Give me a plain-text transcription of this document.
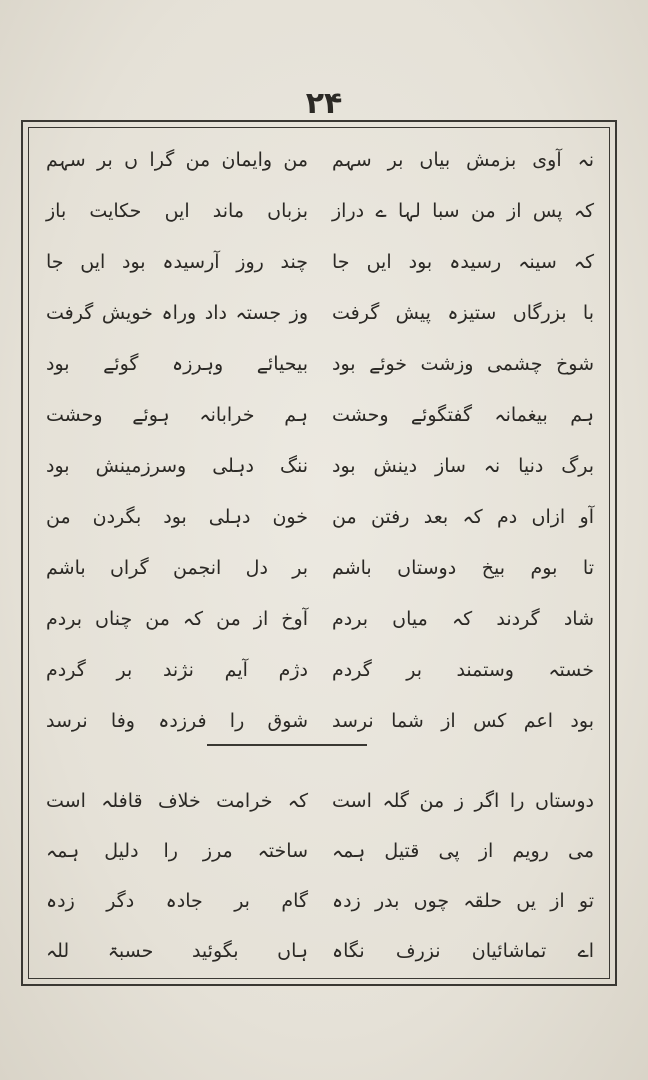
٢۴
نہ آوی بزمش بیاں بر سہم
من وایمان من گرا ں بر سہم
کہ پس از من سبا لہا ے دراز
بزباں ماند ایں حکایت باز
کہ سینہ رسیدہ بود ایں جا
چند روز آرسیدہ بود ایں جا
با بزرگاں ستیزہ پیش گرفت
وز جستہ داد وراہ خویش گرفت
شوخ چشمی وزشت خوئے بود
بیحیائے وہرزہ گوئے بود
ہم بیغمانہ گفتگوئے وحشت
ہم خرابانہ ہوئے وحشت
برگ دنیا نہ ساز دینش بود
ننگ دہلی وسرزمینش بود
آو ازاں دم کہ بعد رفتن من
خون دہلی بود بگردن من
تا بوم بیخ دوستاں باشم
بر دل انجمن گراں باشم
شاد گردند کہ میاں بردم
آوخ از من کہ من چناں بردم
خستہ وستمند بر گردم
دژم آیم نژند بر گردم
بود اعم کس از شما نرسد
شوق را فرزدہ وفا نرسد
دوستاں را اگر ز من گلہ است
کہ خرامت خلاف قافلہ است
می رویم از پی قتیل ہمہ
ساختہ مرز را دلیل ہمہ
تو از یں حلقہ چوں بدر زدہ
گام بر جادہ دگر زدہ
اے تماشائیان نزرف نگاہ
ہاں بگوئید حسبۃ للہ
